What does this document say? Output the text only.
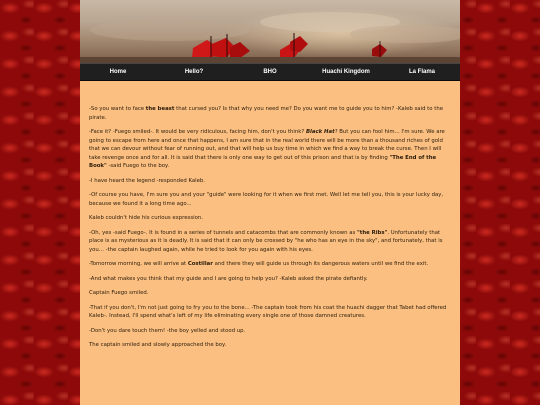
Home	Hello?	BHO	Huachi Kingdom	La Flama

-So you want to face the beast that cursed you? Is that why you need me? Do you want me to guide you to him? -Kaleb said to the pirate.

-Face it? -Fuego smiled-. It would be very ridiculous, facing him, don't you think? Black Hat? But you can fool him... I'm sure. We are going to escape from here and once that happens, I am sure that in the real world there will be more than a thousand riches of gold that we can devour without fear of running out, and that will help us buy time in which we find a way to break the curse. Then I will take revenge once and for all. It is said that there is only one way to get out of this prison and that is by finding "The End of the Book" -said Fuego to the boy.

-I have heard the legend -responded Kaleb.

-Of course you have, I'm sure you and your "guide" were looking for it when we first met. Well let me tell you, this is your lucky day, because we found it a long time ago...

Kaleb couldn't hide his curious expression.

-Oh, yes -said Fuego-. It is found in a series of tunnels and catacombs that are commonly known as "the Ribs". Unfortunately that place is as mysterious as it is deadly. It is said that it can only be crossed by "he who has an eye in the sky", and fortunately, that is you... -the captain laughed again, while he tried to look for you again with his eyes.

-Tomorrow morning, we will arrive at Costillar and there they will guide us through its dangerous waters until we find the exit.

-And what makes you think that my guide and I are going to help you? -Kaleb asked the pirate defiantly.

Captain Fuego smiled.

-That if you don't, I'm not just going to fry you to the bone... -The captain took from his coat the huachi dagger that Tabet had offered Kaleb-. Instead, I'll spend what's left of my life eliminating every single one of those damned creatures.

-Don't you dare touch them! -the boy yelled and stood up.

The captain smiled and slowly approached the boy.
